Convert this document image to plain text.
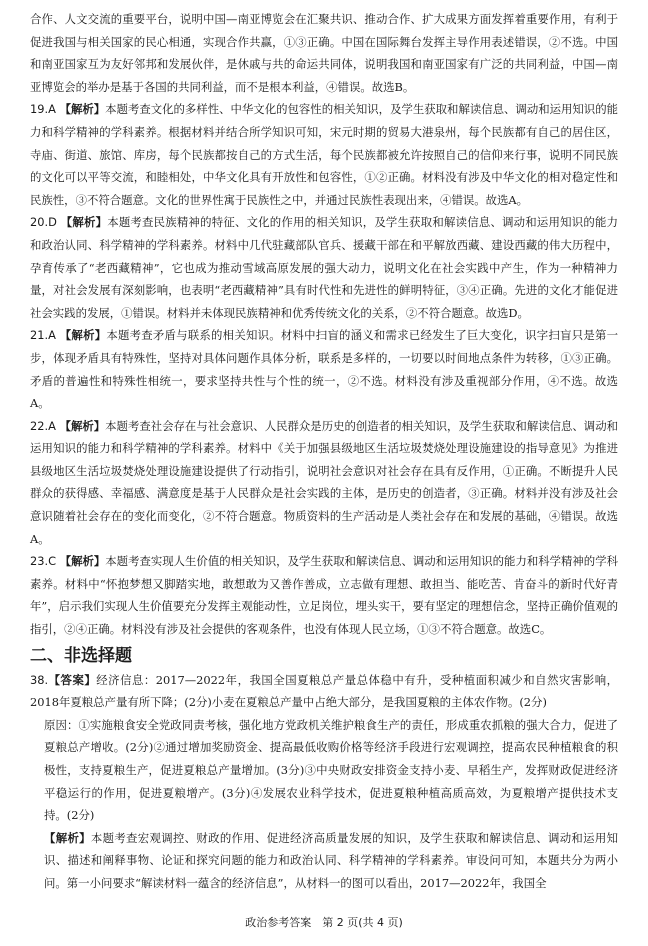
合作、人文交流的重要平台，说明中国—南亚博览会在汇聚共识、推动合作、扩大成果方面发挥着重要作用，有利于促进我国与相关国家的民心相通，实现合作共赢，①③正确。中国在国际舞台发挥主导作用表述错误，②不选。中国和南亚国家互为友好邻邦和发展伙伴，是休戚与共的命运共同体，说明我国和南亚国家有广泛的共同利益，中国—南亚博览会的举办是基于各国的共同利益，而不是根本利益，④错误。故选B。

19.A 【解析】本题考查文化的多样性、中华文化的包容性的相关知识，及学生获取和解读信息、调动和运用知识的能力和科学精神的学科素养。根据材料并结合所学知识可知，宋元时期的贸易大港泉州，每个民族都有自己的居住区，寺庙、街道、旅馆、库房，每个民族都按自己的方式生活，每个民族都被允许按照自己的信仰来行事，说明不同民族的文化可以平等交流，和睦相处，中华文化具有开放性和包容性，①②正确。材料没有涉及中华文化的相对稳定性和民族性，③不符合题意。文化的世界性寓于民族性之中，并通过民族性表现出来，④错误。故选A。
20.D 【解析】本题考查民族精神的特征、文化的作用的相关知识，及学生获取和解读信息、调动和运用知识的能力和政治认同、科学精神的学科素养。材料中几代驻藏部队官兵、援藏干部在和平解放西藏、建设西藏的伟大历程中，孕育传承了“老西藏精神”，它也成为推动雪域高原发展的强大动力，说明文化在社会实践中产生，作为一种精神力量，对社会发展有深刻影响，也表明“老西藏精神”具有时代性和先进性的鲜明特征，③④正确。先进的文化才能促进社会实践的发展，①错误。材料并未体现民族精神和优秀传统文化的关系，②不符合题意。故选D。
21.A 【解析】本题考查矛盾与联系的相关知识。材料中扫盲的涵义和需求已经发生了巨大变化，识字扫盲只是第一步，体现矛盾具有特殊性，坚持对具体问题作具体分析，联系是多样的，一切要以时间地点条件为转移，①③正确。矛盾的普遍性和特殊性相统一，要求坚持共性与个性的统一，②不选。材料没有涉及重视部分作用，④不选。故选A。
22.A 【解析】本题考查社会存在与社会意识、人民群众是历史的创造者的相关知识，及学生获取和解读信息、调动和运用知识的能力和科学精神的学科素养。材料中《关于加强县级地区生活垃圾焚烧处理设施建设的指导意见》为推进县级地区生活垃圾焚烧处理设施建设提供了行动指引，说明社会意识对社会存在具有反作用，①正确。不断提升人民群众的获得感、幸福感、满意度是基于人民群众是社会实践的主体，是历史的创造者，③正确。材料并没有涉及社会意识随着社会存在的变化而变化，②不符合题意。物质资料的生产活动是人类社会存在和发展的基础，④错误。故选A。
23.C 【解析】本题考查实现人生价值的相关知识，及学生获取和解读信息、调动和运用知识的能力和科学精神的学科素养。材料中“怀抱梦想又脚踏实地，敢想敢为又善作善成，立志做有理想、敢担当、能吃苦、肯奋斗的新时代好青年”，启示我们实现人生价值要充分发挥主观能动性，立足岗位，埋头实干，要有坚定的理想信念，坚持正确价值观的指引，②④正确。材料没有涉及社会提供的客观条件，也没有体现人民立场，①③不符合题意。故选C。
二、非选择题
38.【答案】经济信息：2017—2022年，我国全国夏粮总产量总体稳中有升，受种植面积减少和自然灾害影响，2018年夏粮总产量有所下降；(2分)小麦在夏粮总产量中占绝大部分，是我国夏粮的主体农作物。(2分)
原因：①实施粮食安全党政同责考核，强化地方党政机关维护粮食生产的责任，形成重农抓粮的强大合力，促进了夏粮总产增收。(2分)②通过增加奖励资金、提高最低收购价格等经济手段进行宏观调控，提高农民种植粮食的积极性，支持夏粮生产，促进夏粮总产量增加。(3分)③中央财政安排资金支持小麦、早稻生产，发挥财政促进经济平稳运行的作用，促进夏粮增产。(3分)④发展农业科学技术，促进夏粮种植高质高效，为夏粮增产提供技术支持。(2分)
【解析】本题考查宏观调控、财政的作用、促进经济高质量发展的知识，及学生获取和解读信息、调动和运用知识、描述和阐释事物、论证和探究问题的能力和政治认同、科学精神的学科素养。审设问可知，本题共分为两小问。第一小问要求“解读材料一蕴含的经济信息”，从材料一的图可以看出，2017—2022年，我国全
政治参考答案　第 2 页(共 4 页)
